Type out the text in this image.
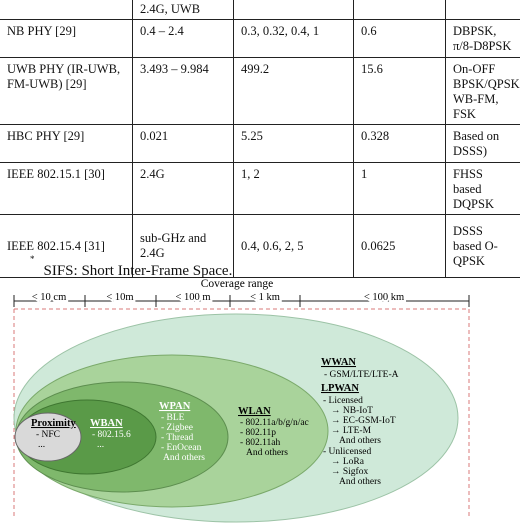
	2.4G, UWB			
NB PHY [29]	0.4 – 2.4	0.3, 0.32, 0.4, 1	0.6	DBPSK, π/8-D8PSK
UWB PHY (IR-UWB, FM-UWB) [29]	3.493 – 9.984	499.2	15.6	On-OFF BPSK/QPSK WB-FM, FSK
HBC PHY [29]	0.021	5.25	0.328	Based on DSSS)
IEEE 802.15.1 [30]	2.4G	1, 2	1	FHSS based DQPSK
IEEE 802.15.4 [31]	sub-GHz and 2.4G	0.4, 0.6, 2, 5	0.0625	DSSS based O-QPSK
*SIFS: Short Inter-Frame Space.
Coverage range
< 10 cm	< 10m	< 100 m	< 1 km	< 100 km
Proximity
- NFC
...
WBAN
- 802.15.6
...
WPAN
- BLE
- Zigbee
- Thread
- EnOcean
And others
WLAN
- 802.11a/b/g/n/ac
- 802.11p
- 802.11ah
And others
WWAN
- GSM/LTE/LTE-A
LPWAN
- Licensed
→ NB-IoT
→ EC-GSM-IoT
→ LTE-M
And others
- Unlicensed
→ LoRa
→ Sigfox
And others
